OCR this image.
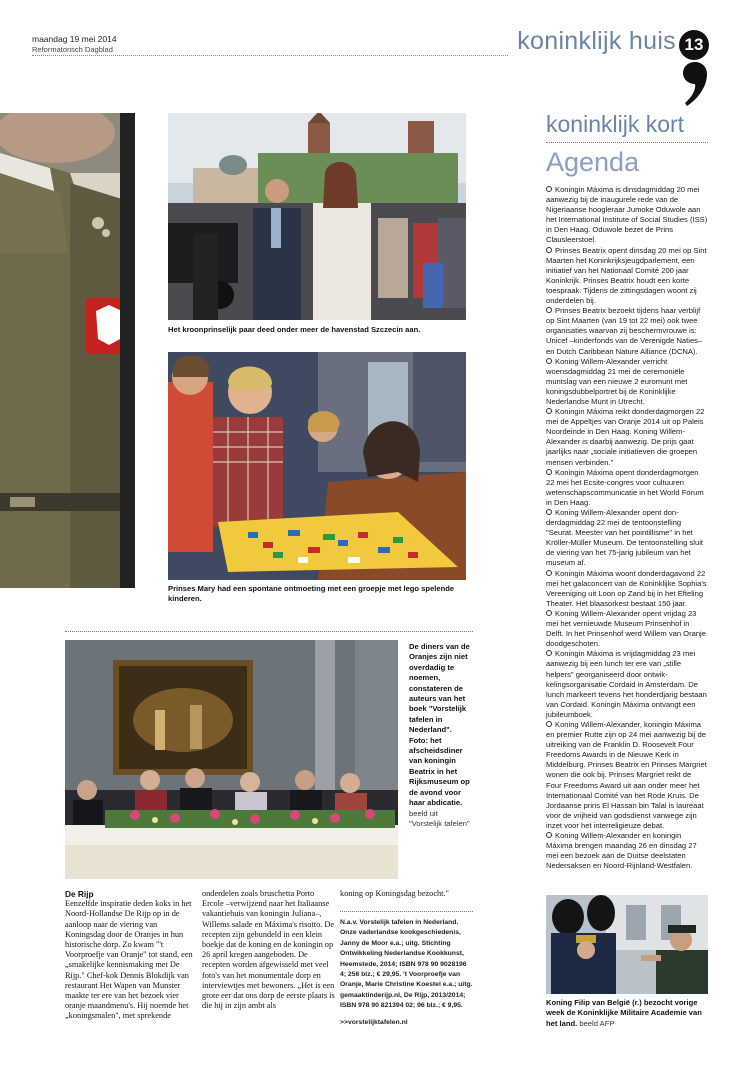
maandag 19 mei 2014
Reformatorisch Dagblad	koninklijk huis 13
Het kroonprinselijk paar deed onder meer de havenstad Szczecin aan.
Prinses Mary had een spontane ontmoeting met een groepje met lego spelende kinderen.
De diners van de Oranjes zijn niet overdadig te noemen, constateren de auteurs van het boek "Vorstelijk tafelen in Nederland". Foto: het afscheidsdiner van koningin Beatrix in het Rijksmuseum op de avond voor haar abdicatie. beeld uit "Vorstelijk tafelen"
De Rijp

Eenzelfde inspiratie deden koks in het Noord-Hollandse De Rijp op in de aanloop naar de viering van Koningsdag door de Oranjes in hun historische dorp. Zo kwam "'t Voorproefje van Oranje" tot stand, een „smakelijke kennismaking met De Rijp." Chef-kok Dennis Blokdijk van restaurant Het Wapen van Munster maakte ter ere van het bezoek vier oranje maandmenu's. Hij noemde het „koningsmalen", met sprekende

onderdelen zoals bruschetta Porto Ercole –verwijzend naar het Italiaanse vakantiehuis van koningin Juliana–, Willems salade en Máxima's risotto. De recepten zijn gebundeld in een klein boekje dat de koning en de koningin op 26 april kregen aangeboden. De recepten worden afgewisseld met veel foto's van het monumentale dorp en interviewtjes met bewoners. „Het is een grote eer dat ons dorp de eerste plaats is die hij in zijn ambt als

koning op Koningsdag bezocht."

N.a.v. Vorstelijk tafelen in Nederland. Onze vaderlandse kookgeschiedenis, Janny de Moor e.a.; uitg. Stichting Ontwikkeling Nederlandse Kookkunst, Heemstede, 2014; ISBN 978 90 9028196 4; 256 blz.; € 29,95. 't Voorproefje van Oranje, Marie Christine Koestel e.a.; uitg. gemaaktinderijp.nl, De Rijp, 2013/2014; ISBN 978 90 821394 02; 96 blz.; € 9,95.
>>vorstelijktafelen.nl
koninklijk kort
Agenda

Koningin Máxima is dinsdagmiddag 20 mei aanwezig bij de inaugurele rede van de Nigeriaanse hoogleraar Jumoke Oduwole aan het International Institute of Social Studies (ISS) in Den Haag. Oduwole bezet de Prins Clausleerstoel.

Prinses Beatrix opent dinsdag 20 mei op Sint Maarten het Koninkrijksjeugdparlement, een initiatief van het Nationaal Comité 200 jaar Koninkrijk. Prinses Beatrix houdt een korte toespraak. Tijdens de zittingsdagen woont zij onderdelen bij.

Prinses Beatrix bezoekt tijdens haar verblijf op Sint Maarten (van 19 tot 22 mei) ook twee organisaties waarvan zij beschermvrouwe is: Unicef –kinderfonds van de Verenigde Naties– en Dutch Caribbean Nature Alliance (DCNA).

Koning Willem-Alexander verricht woensdagmiddag 21 mei de ceremoniële muntslag van een nieuwe 2 euromunt met koningsdubbelportret bij de Koninklijke Nederlandse Munt in Utrecht.

Koningin Máxima reikt donderdagmorgen 22 mei de Appeltjes van Oranje 2014 uit op Paleis Noordeinde in Den Haag. Koning Willem-Alexander is daarbij aanwezig. De prijs gaat jaarlijks naar „sociale initiatieven die groepen mensen verbinden."

Koningin Máxima opent donderdagmorgen 22 mei het Ecsite-congres voor cultuuren wetenschapscommunicatie in het World Forum in Den Haag.

Koning Willem-Alexander opent donderdagmiddag 22 mei de tentoonstelling "Seurat. Meester van het pointillisme" in het Kröller-Müller Museum. De tentoonstelling sluit de viering van het 75-jarig jubileum van het museum af.

Koningin Máxima woont donderdagavond 22 mei het galaconcert van de Koninklijke Sophia's Vereeniging uit Loon op Zand bij in het Efteling Theater. Het blaasorkest bestaat 150 jaar.

Koning Willem-Alexander opent vrijdag 23 mei het vernieuwde Museum Prinsenhof in Delft. In het Prinsenhof werd Willem van Oranje doodgeschoten.

Koningin Máxima is vrijdagmiddag 23 mei aanwezig bij een lunch ter ere van „stille helpers" georganiseerd door ontwikkelingsorganisatie Cordaid in Amsterdam. De lunch markeert tevens het honderdjarig bestaan van Cordaid. Koningin Máxima ontvangt een jubileumboek.

Koning Willem-Alexander, koningin Máxima en premier Rutte zijn op 24 mei aanwezig bij de uitreiking van de Franklin D. Roosevelt Four Freedoms Awards in de Nieuwe Kerk in Middelburg. Prinses Beatrix en Prinses Margriet wonen die ook bij. Prinses Margriet reikt de Four Freedoms Award uit aan onder meer het Internationaal Comité van het Rode Kruis. De Jordaanse prins El Hassan bin Talal is laureaat voor de vrijheid van godsdienst vanwege zijn inzet voor het interreligieuze debat.

Koning Willem-Alexander en koningin Máxima brengen maandag 26 en dinsdag 27 mei een bezoek aan de Duitse deelstaten Nedersaksen en Noord-Rijnland-Westfalen.

Koning Filip van België (r.) bezocht vorige week de Koninklijke Militaire Academie van het land. beeld AFP
